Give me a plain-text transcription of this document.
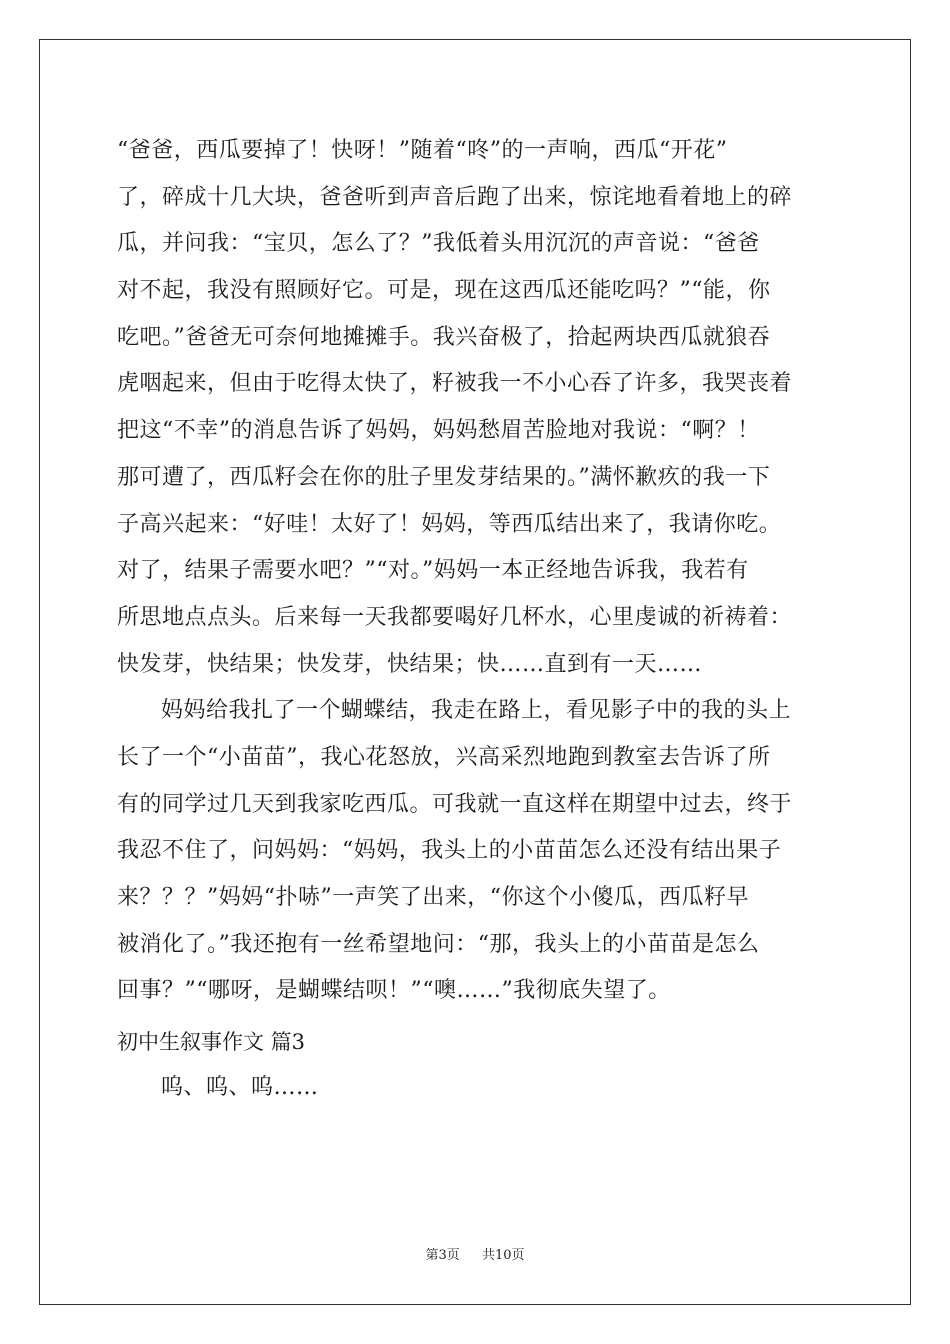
“爸爸，西瓜要掉了！快呀！”随着“咚”的一声响，西瓜“开花”
了，碎成十几大块，爸爸听到声音后跑了出来，惊诧地看着地上的碎
瓜，并问我：“宝贝，怎么了？”我低着头用沉沉的声音说：“爸爸
对不起，我没有照顾好它。可是，现在这西瓜还能吃吗？”“能，你
吃吧。”爸爸无可奈何地摊摊手。我兴奋极了，拾起两块西瓜就狼吞
虎咽起来，但由于吃得太快了，籽被我一不小心吞了许多，我哭丧着
把这“不幸”的消息告诉了妈妈，妈妈愁眉苦脸地对我说：“啊？！
那可遭了，西瓜籽会在你的肚子里发芽结果的。”满怀歉疚的我一下
子高兴起来：“好哇！太好了！妈妈，等西瓜结出来了，我请你吃。
对了，结果子需要水吧？”“对。”妈妈一本正经地告诉我，我若有
所思地点点头。后来每一天我都要喝好几杯水，心里虔诚的祈祷着：
快发芽，快结果；快发芽，快结果；快……直到有一天……
妈妈给我扎了一个蝴蝶结，我走在路上，看见影子中的我的头上
长了一个“小苗苗”，我心花怒放，兴高采烈地跑到教室去告诉了所
有的同学过几天到我家吃西瓜。可我就一直这样在期望中过去，终于
我忍不住了，问妈妈：“妈妈，我头上的小苗苗怎么还没有结出果子
来？？？”妈妈“扑哧”一声笑了出来，“你这个小傻瓜，西瓜籽早
被消化了。”我还抱有一丝希望地问：“那，我头上的小苗苗是怎么
回事？”“哪呀，是蝴蝶结呗！”“噢……”我彻底失望了。
初中生叙事作文 篇3
呜、呜、呜……
第3页 共10页
